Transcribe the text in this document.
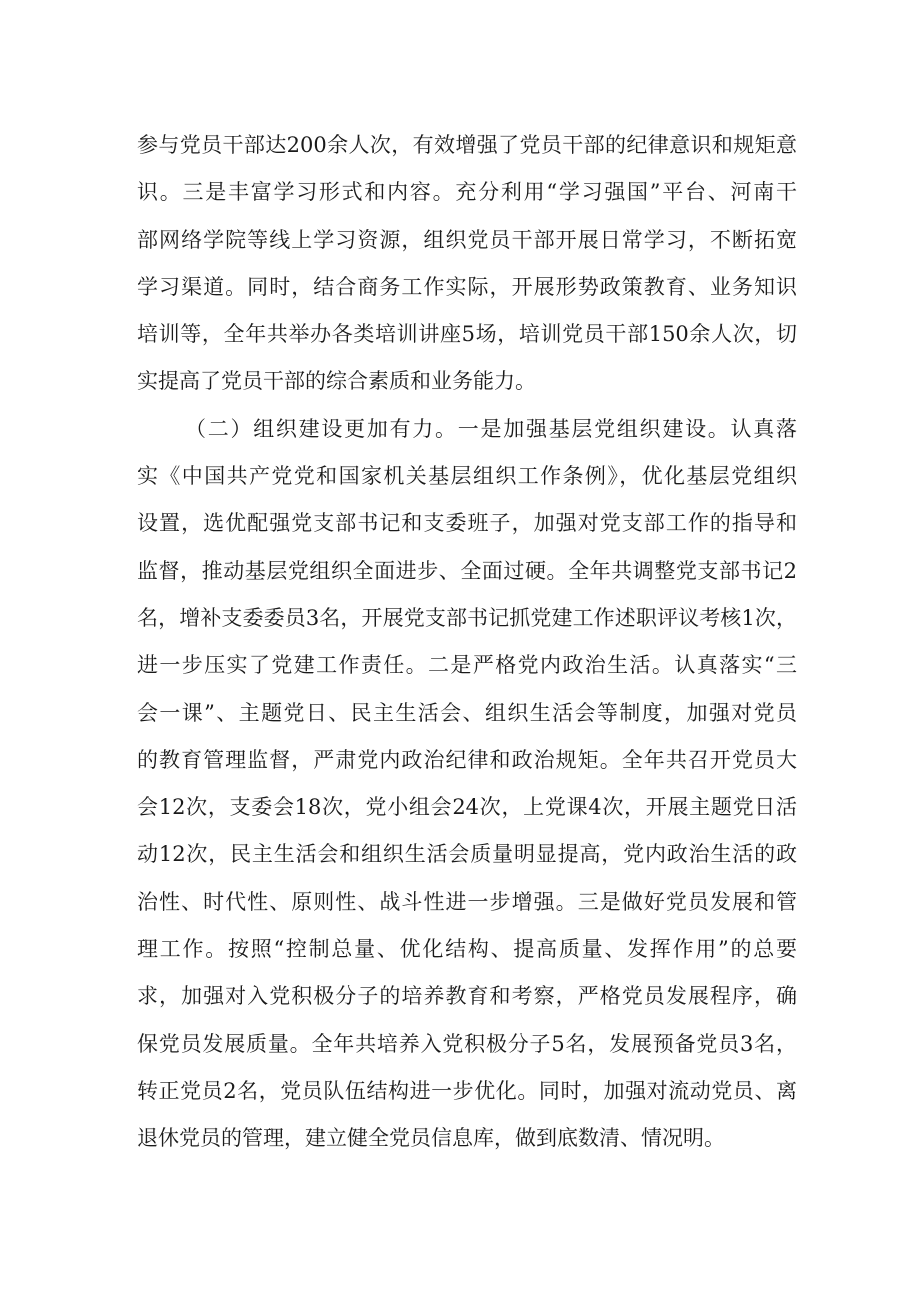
参与党员干部达200余人次，有效增强了党员干部的纪律意识和规矩意
识。三是丰富学习形式和内容。充分利用“学习强国”平台、河南干
部网络学院等线上学习资源，组织党员干部开展日常学习，不断拓宽
学习渠道。同时，结合商务工作实际，开展形势政策教育、业务知识
培训等，全年共举办各类培训讲座5场，培训党员干部150余人次，切
实提高了党员干部的综合素质和业务能力。
（二）组织建设更加有力。一是加强基层党组织建设。认真落
实《中国共产党党和国家机关基层组织工作条例》，优化基层党组织
设置，选优配强党支部书记和支委班子，加强对党支部工作的指导和
监督，推动基层党组织全面进步、全面过硬。全年共调整党支部书记2
名，增补支委委员3名，开展党支部书记抓党建工作述职评议考核1次，
进一步压实了党建工作责任。二是严格党内政治生活。认真落实“三
会一课”、主题党日、民主生活会、组织生活会等制度，加强对党员
的教育管理监督，严肃党内政治纪律和政治规矩。全年共召开党员大
会12次，支委会18次，党小组会24次，上党课4次，开展主题党日活
动12次，民主生活会和组织生活会质量明显提高，党内政治生活的政
治性、时代性、原则性、战斗性进一步增强。三是做好党员发展和管
理工作。按照“控制总量、优化结构、提高质量、发挥作用”的总要
求，加强对入党积极分子的培养教育和考察，严格党员发展程序，确
保党员发展质量。全年共培养入党积极分子5名，发展预备党员3名，
转正党员2名，党员队伍结构进一步优化。同时，加强对流动党员、离
退休党员的管理，建立健全党员信息库，做到底数清、情况明。
